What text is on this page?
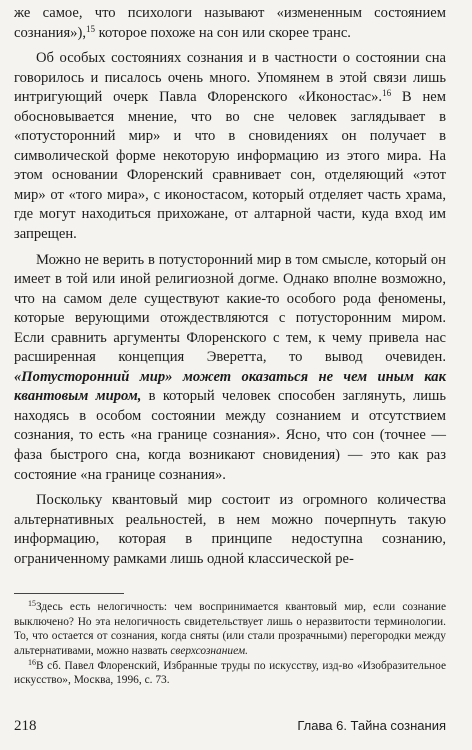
же самое, что психологи называют «измененным состоянием сознания»),$^{15}$ которое похоже на сон или скорее транс.

Об особых состояниях сознания и в частности о состоянии сна говорилось и писалось очень много. Упомянем в этой связи лишь интригующий очерк Павла Флоренского «Иконостас».$^{16}$ В нем обосновывается мнение, что во сне человек заглядывает в «потусторонний мир» и что в сновидениях он получает в символической форме некоторую информацию из этого мира. На этом основании Флоренский сравнивает сон, отделяющий «этот мир» от «того мира», с иконостасом, который отделяет часть храма, где могут находиться прихожане, от алтарной части, куда вход им запрещен.

Можно не верить в потусторонний мир в том смысле, который он имеет в той или иной религиозной догме. Однако вполне возможно, что на самом деле существуют какие-то особого рода феномены, которые верующими отождествляются с потусторонним миром. Если сравнить аргументы Флоренского с тем, к чему привела нас расширенная концепция Эверетта, то вывод очевиден. «Потусторонний мир» может оказаться не чем иным как квантовым миром, в который человек способен заглянуть, лишь находясь в особом состоянии между сознанием и отсутствием сознания, то есть «на границе сознания». Ясно, что сон (точнее — фаза быстрого сна, когда возникают сновидения) — это как раз состояние «на границе сознания».

Поскольку квантовый мир состоит из огромного количества альтернативных реальностей, в нем можно почерпнуть такую информацию, которая в принципе недоступна сознанию, ограниченному рамками лишь одной классической ре-

$^{15}$Здесь есть нелогичность: чем воспринимается квантовый мир, если сознание выключено? Но эта нелогичность свидетельствует лишь о неразвитости терминологии. То, что остается от сознания, когда сняты (или стали прозрачными) перегородки между альтернативами, можно назвать сверхсознанием.

$^{16}$В сб. Павел Флоренский, Избранные труды по искусству, изд-во «Изобразительное искусство», Москва, 1996, с. 73.

218	Глава 6. Тайна сознания
